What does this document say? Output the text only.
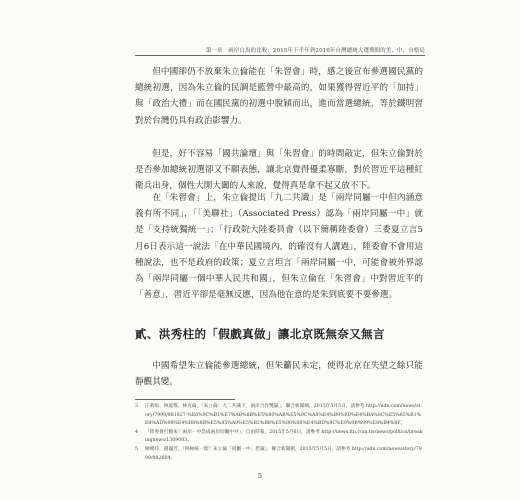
第一章　兩岸白馬的比較：2015年下半年到2016年台灣總統大選期間的美、中、台格局

但中國卻仍不放棄朱立倫能在「朱習會」時，感之後宣布參選國民黨的總統初選，因為朱立倫的民調是藍營中最高的，如果獲得習近平的「加持」與「政治大禮」而在國民黨的初選中脫穎而出，進而當選總統，等於鐵明習對於台灣仍具有政治影響力。

但是，好不容易「國共論壇」與「朱習會」的時間敲定，但朱立倫對於是否參加總統初選卻又不願表態，讓北京覺得優柔寡斷，對於習近平這種紅衛兵出身，個性大開大闔的人來說，覺得真是拿不起又放不下。

在「朱習會」上，朱立倫提出「九二共識」是「兩岸同屬一中但內涵意義有所不同」，「「美聯社」（Associated Press）認為「兩岸同屬一中」就是「支持統獨統一」；「行政院大陸委員會（以下簡稱陸委會）三委夏立言5月6日表示這一說法「在中華民國境內，的確沒有人講過」，陸委會不會用這種說法，也不是政府的政策；夏立言坦言「兩岸同屬一中，可能會被外界認為「兩岸同屬一個中華人民共和國」，但朱立倫在「朱習會」中對習近平的「善意」，習近平卻是毫無反應，因為他在意的是朱到底要不要參選。

貳、洪秀柱的「假戲真做」讓北京既無奈又無言

中國希望朱立倫能參選總統，但朱籲民未定，使得北京在失望之餘只能靜觀其變。

3	汪莉絹、林庭瑤、林克倫，「朱立倫：九二共識下，兩岸合作雙贏」，聯合新聞網，2015年5月5日，請參考 http://udn.com/news/story/7990/881827-%E6%9C%B1%E7%AB%8B%E5%80%AB%E5%9C%A8%E4%B9%9D%E4%BA%8C%E5%85%B1%E8%AD%98%E4%B8%8B%E5%85%A9%E5%B2%B8%E5%90%88%E4%BD%9C%E9%9B%99%E8%B4%8F。
4	「陸委會打臉朱！兩岸一中恐成兩岸同屬中共」，自由時報，2015年5月6日，請參考 http://news.ltn.com.tw/news/politics/breakingnews/1309003。
5	陳曉玲、趙巍芳，「終極統一派？朱立倫「同屬一中」惹議」，聯合新聞網，2015年5月5日，請參考 http://udn.com/news/story/7990/882604。
5
